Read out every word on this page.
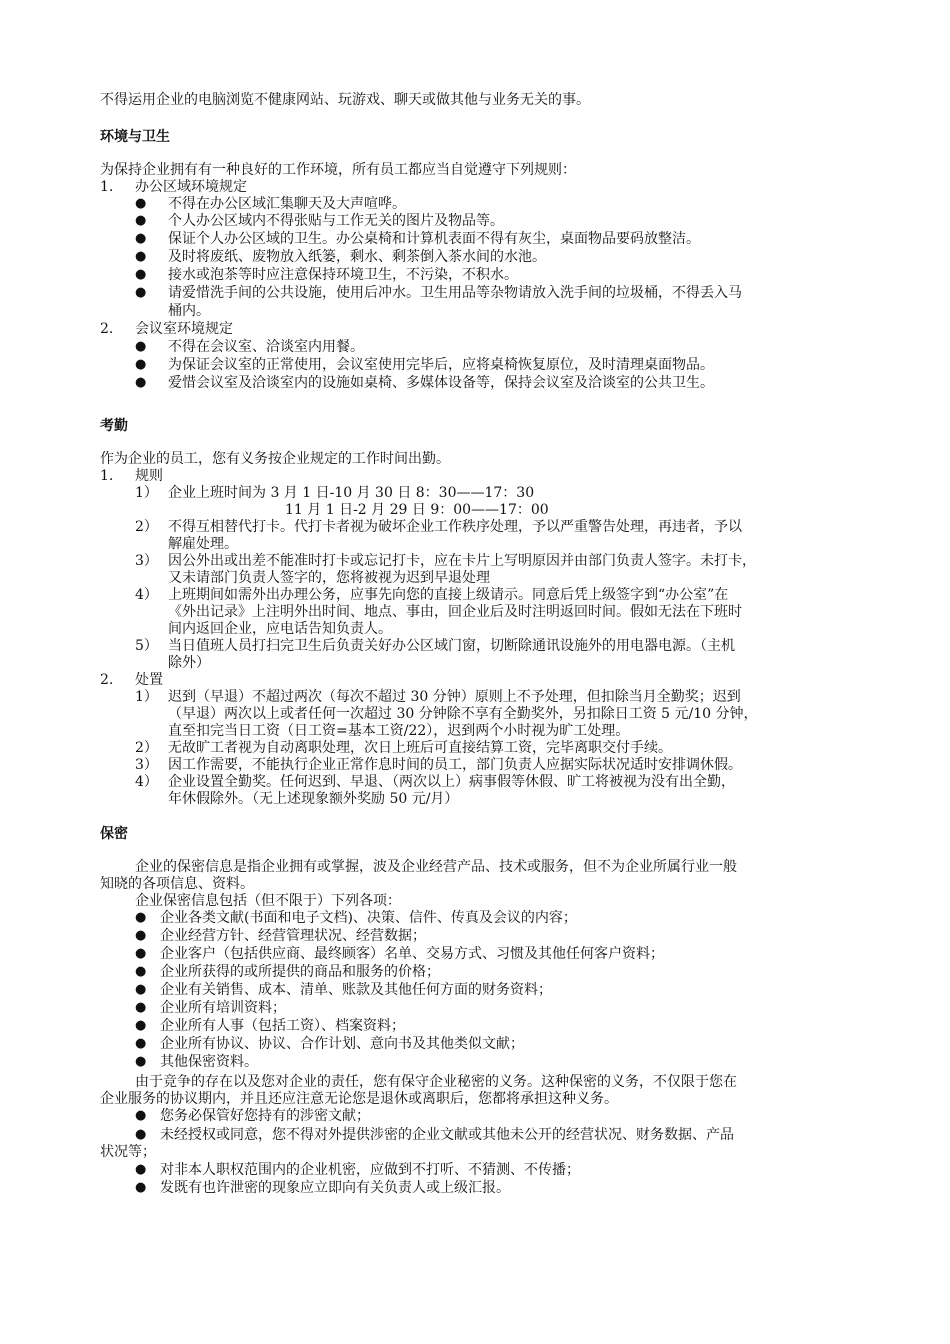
不得运用企业的电脑浏览不健康网站、玩游戏、聊天或做其他与业务无关的事。
环境与卫生
为保持企业拥有有一种良好的工作环境，所有员工都应当自觉遵守下列规则：
1. 办公区域环境规定
● 不得在办公区域汇集聊天及大声喧哗。
● 个人办公区域内不得张贴与工作无关的图片及物品等。
● 保证个人办公区域的卫生。办公桌椅和计算机表面不得有灰尘，桌面物品要码放整洁。
● 及时将废纸、废物放入纸篓，剩水、剩茶倒入茶水间的水池。
● 接水或泡茶等时应注意保持环境卫生，不污染，不积水。
● 请爱惜洗手间的公共设施，使用后冲水。卫生用品等杂物请放入洗手间的垃圾桶，不得丢入马
桶内。
2. 会议室环境规定
● 不得在会议室、洽谈室内用餐。
● 为保证会议室的正常使用，会议室使用完毕后，应将桌椅恢复原位，及时清理桌面物品。
● 爱惜会议室及洽谈室内的设施如桌椅、多媒体设备等，保持会议室及洽谈室的公共卫生。
考勤
作为企业的员工，您有义务按企业规定的工作时间出勤。
1. 规则
1） 企业上班时间为 3 月 1 日-10 月 30 日 8：30——17：30
11 月 1 日-2 月 29 日 9：00——17：00
2） 不得互相替代打卡。代打卡者视为破坏企业工作秩序处理，予以严重警告处理，再违者，予以
解雇处理。
3） 因公外出或出差不能准时打卡或忘记打卡，应在卡片上写明原因并由部门负责人签字。未打卡，
又未请部门负责人签字的，您将被视为迟到早退处理
4） 上班期间如需外出办理公务，应事先向您的直接上级请示。同意后凭上级签字到“办公室”在
《外出记录》上注明外出时间、地点、事由，回企业后及时注明返回时间。假如无法在下班时
间内返回企业，应电话告知负责人。
5） 当日值班人员打扫完卫生后负责关好办公区域门窗，切断除通讯设施外的用电器电源。（主机
除外）
2. 处置
1） 迟到（早退）不超过两次（每次不超过 30 分钟）原则上不予处理，但扣除当月全勤奖；迟到
（早退）两次以上或者任何一次超过 30 分钟除不享有全勤奖外，另扣除日工资 5 元/10 分钟，
直至扣完当日工资（日工资=基本工资/22），迟到两个小时视为旷工处理。
2） 无故旷工者视为自动离职处理，次日上班后可直接结算工资，完毕离职交付手续。
3） 因工作需要，不能执行企业正常作息时间的员工，部门负责人应据实际状况适时安排调休假。
4） 企业设置全勤奖。任何迟到、早退、（两次以上）病事假等休假、旷工将被视为没有出全勤，
年休假除外。（无上述现象额外奖励 50 元/月）
保密
企业的保密信息是指企业拥有或掌握，波及企业经营产品、技术或服务，但不为企业所属行业一般
知晓的各项信息、资料。
企业保密信息包括（但不限于）下列各项：
● 企业各类文献(书面和电子文档)、决策、信件、传真及会议的内容；
● 企业经营方针、经营管理状况、经营数据；
● 企业客户（包括供应商、最终顾客）名单、交易方式、习惯及其他任何客户资料；
● 企业所获得的或所提供的商品和服务的价格；
● 企业有关销售、成本、清单、账款及其他任何方面的财务资料；
● 企业所有培训资料；
● 企业所有人事（包括工资）、档案资料；
● 企业所有协议、协议、合作计划、意向书及其他类似文献；
● 其他保密资料。
由于竞争的存在以及您对企业的责任，您有保守企业秘密的义务。这种保密的义务，不仅限于您在
企业服务的协议期内，并且还应注意无论您是退休或离职后，您都将承担这种义务。
● 您务必保管好您持有的涉密文献；
● 未经授权或同意，您不得对外提供涉密的企业文献或其他未公开的经营状况、财务数据、产品
状况等；
● 对非本人职权范围内的企业机密，应做到不打听、不猜测、不传播；
● 发既有也许泄密的现象应立即向有关负责人或上级汇报。
